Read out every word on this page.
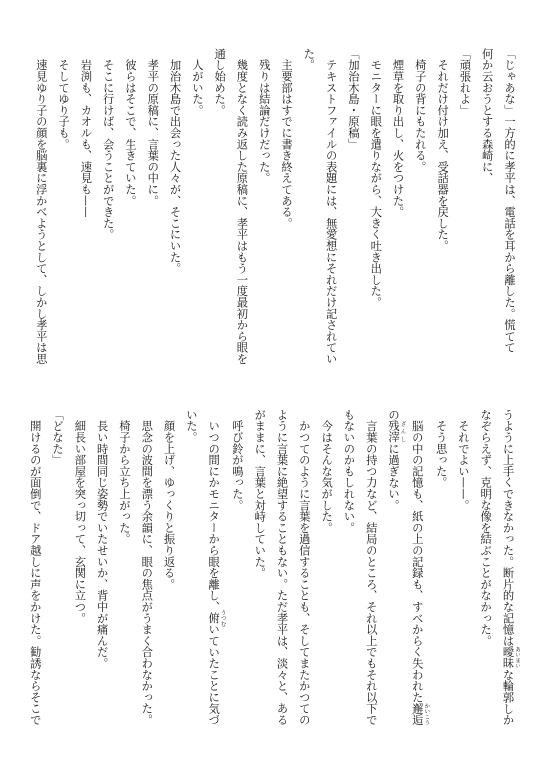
「じゃあな」一方的に孝平は、電話を耳から離した。慌てて

何か云おうとする森崎に、

「頑張れよ」

　それだけ付け加え、受話器を戻した。

　椅子の背にもたれる。

　煙草を取り出し、火をつけた。

　モニターに眼を遣りながら、大きく吐き出した。

「加治木島・原稿」

　テキストファイルの表題には、無愛想にそれだけ記されてい

た。

　主要部はすでに書き終えてある。

　残りは結論だけだった。

　幾度となく読み返した原稿に、孝平はもう一度最初から眼を

通し始めた。

　人がいた。

　加治木島で出会った人々が、そこにいた。

　孝平の原稿に、言葉の中に。

　彼らはそこで、生きていた。

　そこに行けば、会うことができた。

　岩渕も、カオルも、速見も——

　そしてゆり子も。

　速見ゆり子の顔を脳裏に浮かべようとして、しかし孝平は思

うように上手くできなかった。断片的な記憶は曖昧 あいまいな輪郭しか

なぞらえず、克明な像を結ぶことがなかった。

　それでよい——。

　そう思った。

　脳の中の記憶も、紙の上の記録も、すべからく失われた邂逅 かいこう

の残滓 ざんしに過ぎない。

　言葉の持つ力など、結局のところ、それ以上でもそれ以下で

もないのかもしれない。

　今はそんな気がした。

　かつてのように言葉を過信することも、そしてまたかつての

ように言葉に絶望することもない。ただ孝平は、淡々と、ある

がままに、言葉と対峙していた。

　呼び鈴が鳴った。

　いつの間にかモニターから眼を離し、俯 うつむいていたことに気づ

いた。

　顔を上げ、ゆっくりと振り返る。

　思念の波間を漂う余韻に、眼の焦点がうまく合わなかった。

　椅子から立ち上がった。

　長い時間同じ姿勢でいたせいか、背中が痛んだ。

　細長い部屋を突っ切って、玄関に立つ。

「どなた」

　開けるのが面倒で、ドア越しに声をかけた。勧誘ならそこで
